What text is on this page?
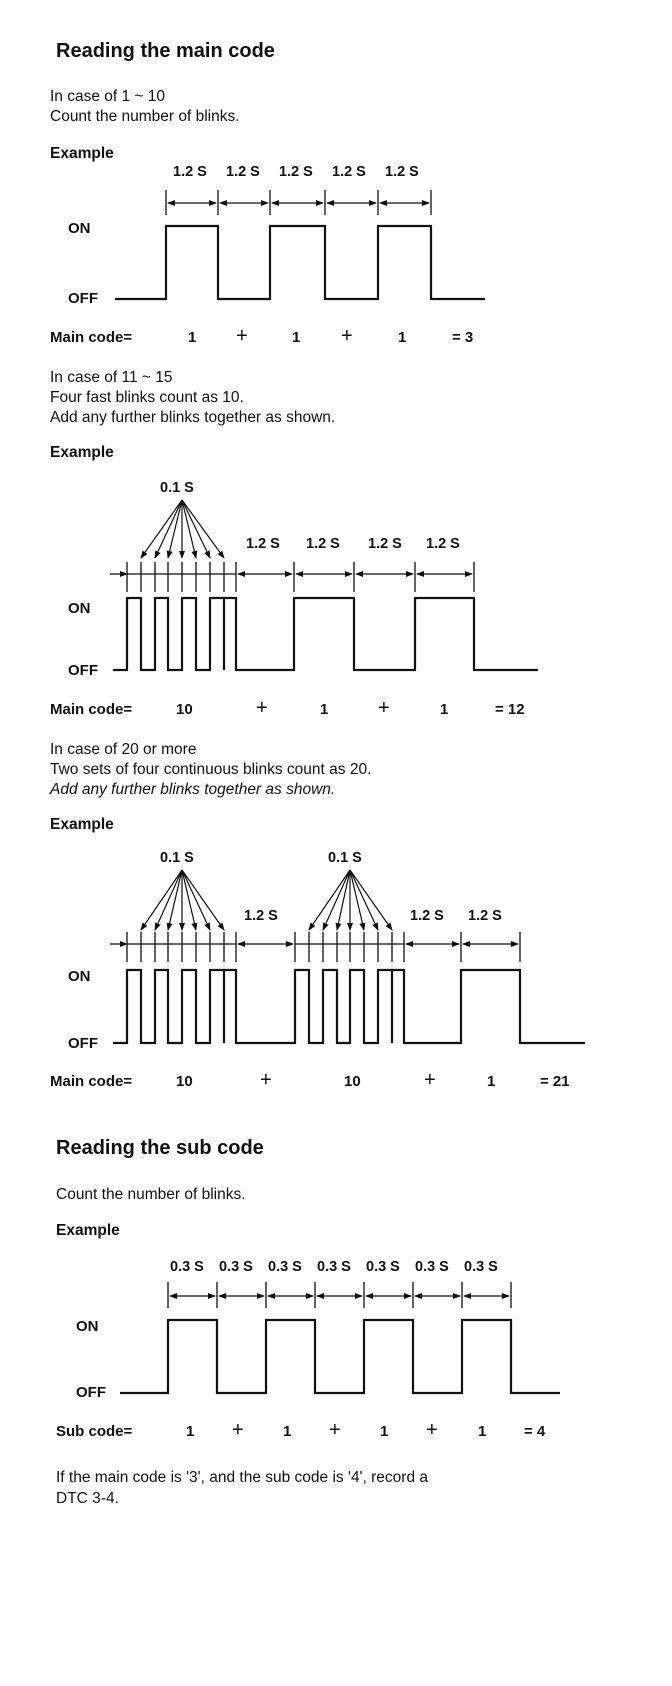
Reading the main code
In case of 1 ~ 10
Count the number of blinks.
Example
1.2 S 1.2 S 1.2 S 1.2 S 1.2 S
ON
OFF
Main code=	1 +	1 +	1	= 3
In case of 11 ~ 15
Four fast blinks count as 10.
Add any further blinks together as shown.
Example
0.1 S
1.2 S 1.2 S 1.2 S 1.2 S
ON
OFF
Main code=	10	+	1 +	1	= 12
In case of 20 or more
Two sets of four continuous blinks count as 20.
Add any further blinks together as shown.
Example
0.1 S	0.1 S
1.2 S	1.2 S 1.2 S
ON
OFF
Main code=	10	+	10	+	1	= 21
Reading the sub code
Count the number of blinks.
Example
0.3 S 0.3 S 0.3 S 0.3 S 0.3 S 0.3 S 0.3 S
ON
OFF
Sub code=	1 +	1 +	1 +	1	= 4
If the main code is '3', and the sub code is '4', record a
DTC 3-4.
